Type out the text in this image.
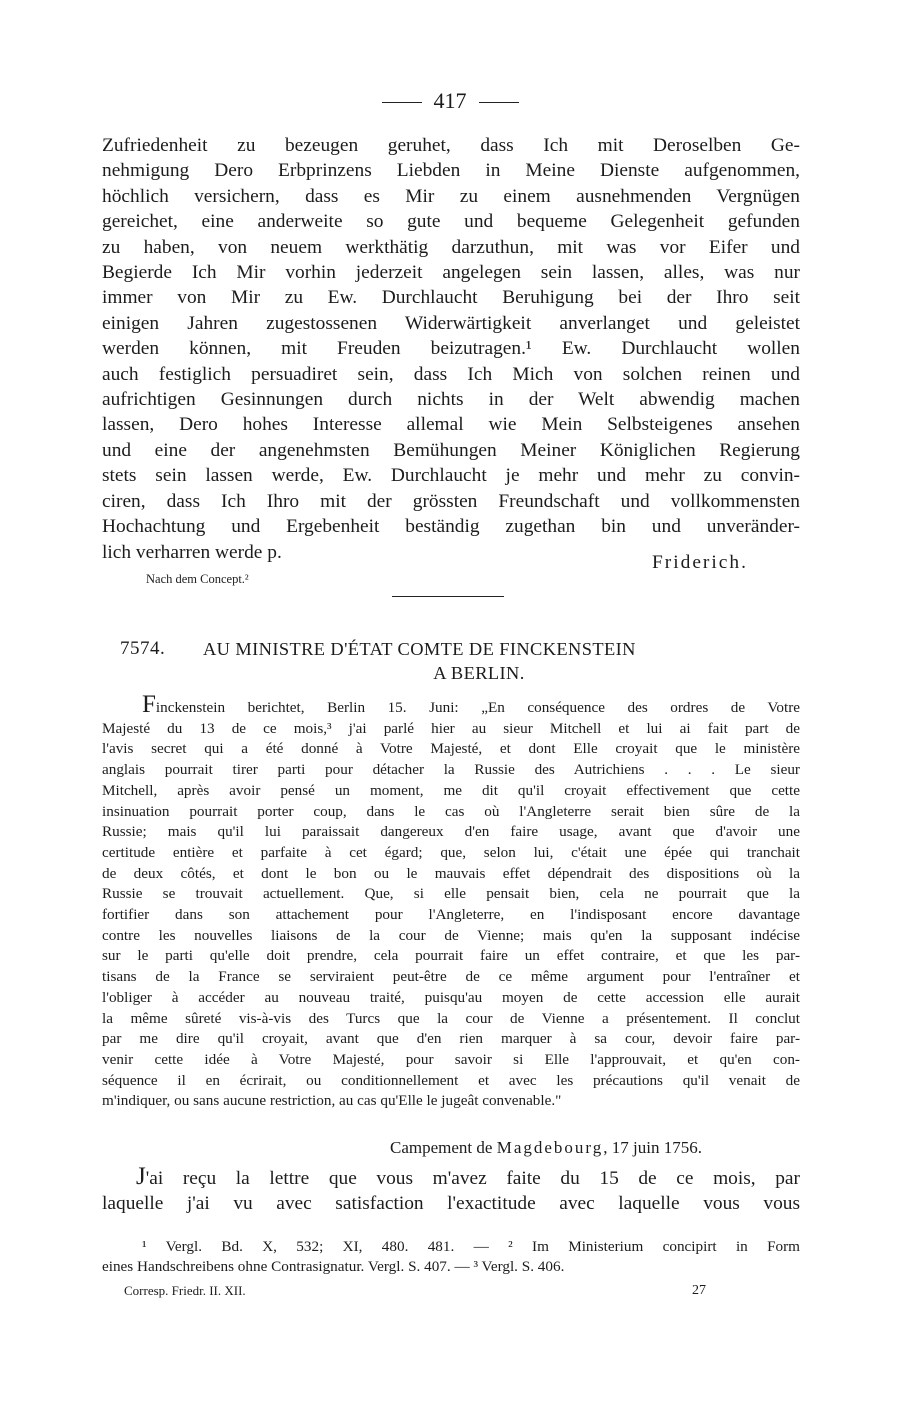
417
Zufriedenheit zu bezeugen geruhet, dass Ich mit Deroselben Ge-
nehmigung Dero Erbprinzens Liebden in Meine Dienste aufgenommen,
höchlich versichern, dass es Mir zu einem ausnehmenden Vergnügen
gereichet, eine anderweite so gute und bequeme Gelegenheit gefunden
zu haben, von neuem werkthätig darzuthun, mit was vor Eifer und
Begierde Ich Mir vorhin jederzeit angelegen sein lassen, alles, was nur
immer von Mir zu Ew. Durchlaucht Beruhigung bei der Ihro seit
einigen Jahren zugestossenen Widerwärtigkeit anverlanget und geleistet
werden können, mit Freuden beizutragen.¹ Ew. Durchlaucht wollen
auch festiglich persuadiret sein, dass Ich Mich von solchen reinen und
aufrichtigen Gesinnungen durch nichts in der Welt abwendig machen
lassen, Dero hohes Interesse allemal wie Mein Selbsteigenes ansehen
und eine der angenehmsten Bemühungen Meiner Königlichen Regierung
stets sein lassen werde, Ew. Durchlaucht je mehr und mehr zu convin-
ciren, dass Ich Ihro mit der grössten Freundschaft und vollkommensten
Hochachtung und Ergebenheit beständig zugethan bin und unveränder-
lich verharren werde p.	Friderich.
Nach dem Concept.²
7574. AU MINISTRE D'ÉTAT COMTE DE FINCKENSTEIN
A BERLIN.
Finckenstein berichtet, Berlin 15. Juni: „En conséquence des ordres de Votre
Majesté du 13 de ce mois,³ j'ai parlé hier au sieur Mitchell et lui ai fait part de
l'avis secret qui a été donné à Votre Majesté, et dont Elle croyait que le ministère
anglais pourrait tirer parti pour détacher la Russie des Autrichiens . . . Le sieur
Mitchell, après avoir pensé un moment, me dit qu'il croyait effectivement que cette
insinuation pourrait porter coup, dans le cas où l'Angleterre serait bien sûre de la
Russie; mais qu'il lui paraissait dangereux d'en faire usage, avant que d'avoir une
certitude entière et parfaite à cet égard; que, selon lui, c'était une épée qui tranchait
de deux côtés, et dont le bon ou le mauvais effet dépendrait des dispositions où la
Russie se trouvait actuellement. Que, si elle pensait bien, cela ne pourrait que la
fortifier dans son attachement pour l'Angleterre, en l'indisposant encore davantage
contre les nouvelles liaisons de la cour de Vienne; mais qu'en la supposant indécise
sur le parti qu'elle doit prendre, cela pourrait faire un effet contraire, et que les par-
tisans de la France se serviraient peut-être de ce même argument pour l'entraîner et
l'obliger à accéder au nouveau traité, puisqu'au moyen de cette accession elle aurait
la même sûreté vis-à-vis des Turcs que la cour de Vienne a présentement. Il conclut
par me dire qu'il croyait, avant que d'en rien marquer à sa cour, devoir faire par-
venir cette idée à Votre Majesté, pour savoir si Elle l'approuvait, et qu'en con-
séquence il en écrirait, ou conditionnellement et avec les précautions qu'il venait de
m'indiquer, ou sans aucune restriction, au cas qu'Elle le jugeât convenable."
Campement de Magdebourg, 17 juin 1756.
J'ai reçu la lettre que vous m'avez faite du 15 de ce mois, par
laquelle j'ai vu avec satisfaction l'exactitude avec laquelle vous vous
¹ Vergl. Bd. X, 532; XI, 480. 481. — ² Im Ministerium concipirt in Form
eines Handschreibens ohne Contrasignatur. Vergl. S. 407. — ³ Vergl. S. 406.
Corresp. Friedr. II. XII.	27
